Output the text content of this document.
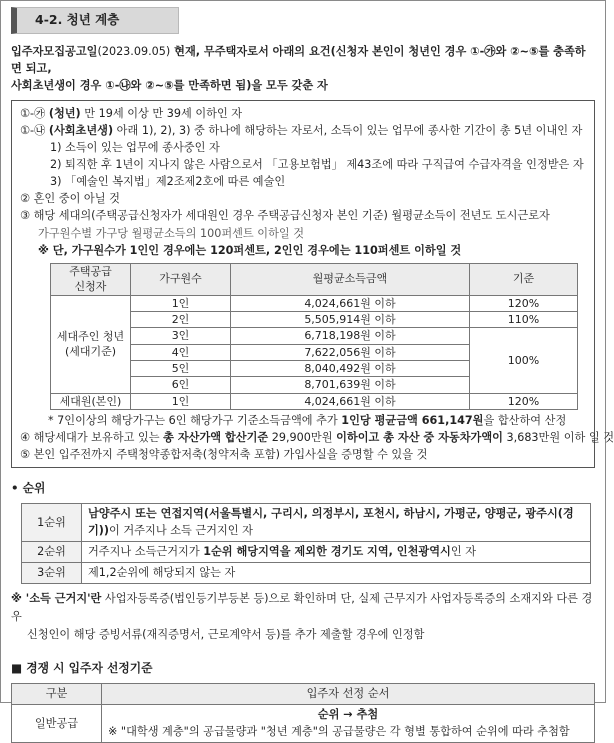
4-2. 청년 계층
입주자모집공고일(2023.09.05) 현재, 무주택자로서 아래의 요건(신청자 본인이 청년인 경우 ①-㉮와 ②~⑤를 충족하면 되고,
사회초년생이 경우 ①-㉯와 ②~⑤를 만족하면 됨)을 모두 갖춘 자
①-㉮ (청년) 만 19세 이상 만 39세 이하인 자
①-㉯ (사회초년생) 아래 1), 2), 3) 중 하나에 해당하는 자로서, 소득이 있는 업무에 종사한 기간이 총 5년 이내인 자
1) 소득이 있는 업무에 종사중인 자
2) 퇴직한 후 1년이 지나지 않은 사람으로서 「고용보험법」 제43조에 따라 구직급여 수급자격을 인정받은 자
3) 「예술인 복지법」제2조제2호에 따른 예술인
② 혼인 중이 아닐 것
③ 해당 세대의(주택공급신청자가 세대원인 경우 주택공급신청자 본인 기준) 월평균소득이 전년도 도시근로자
가구원수별 가구당 월평균소득의 100퍼센트 이하일 것
※ 단, 가구원수가 1인인 경우에는 120퍼센트, 2인인 경우에는 110퍼센트 이하일 것
주택공급
신청자	가구원수	월평균소득금액	기준

세대주인 청년
(세대기준)	1인	4,024,661원 이하	120%
	2인	5,505,914원 이하	110%
	3인	6,718,198원 이하	100%
	4인	7,622,056원 이하	
	5인	8,040,492원 이하	
	6인	8,701,639원 이하	
세대원(본인)	1인	4,024,661원 이하	120%
* 7인이상의 해당가구는 6인 해당가구 기준소득금액에 추가 1인당 평균금액 661,147원을 합산하여 산정
④ 해당세대가 보유하고 있는 총 자산가액 합산기준 29,900만원 이하이고 총 자산 중 자동차가액이 3,683만원 이하 일 것
⑤ 본인 입주전까지 주택청약종합저축(청약저축 포함) 가입사실을 증명할 수 있을 것
• 순위
1순위	남양주시 또는 연접지역(서울특별시, 구리시, 의정부시, 포천시, 하남시, 가평군, 양평군, 광주시(경기))이 거주지나 소득 근거지인 자
2순위	거주지나 소득근거지가 1순위 해당지역을 제외한 경기도 지역, 인천광역시인 자
3순위	제1,2순위에 해당되지 않는 자
※ '소득 근거지'란 사업자등록증(법인등기부등본 등)으로 확인하며 단, 실제 근무지가 사업자등록증의 소재지와 다른 경우
신청인이 해당 증빙서류(재직증명서, 근로계약서 등)를 추가 제출할 경우에 인정함
■ 경쟁 시 입주자 선정기준
구분	입주자 선정 순서
일반공급	순위 → 추첨
※ "대학생 계층"의 공급물량과 "청년 계층"의 공급물량은 각 형별 통합하여 순위에 따라 추첨함
